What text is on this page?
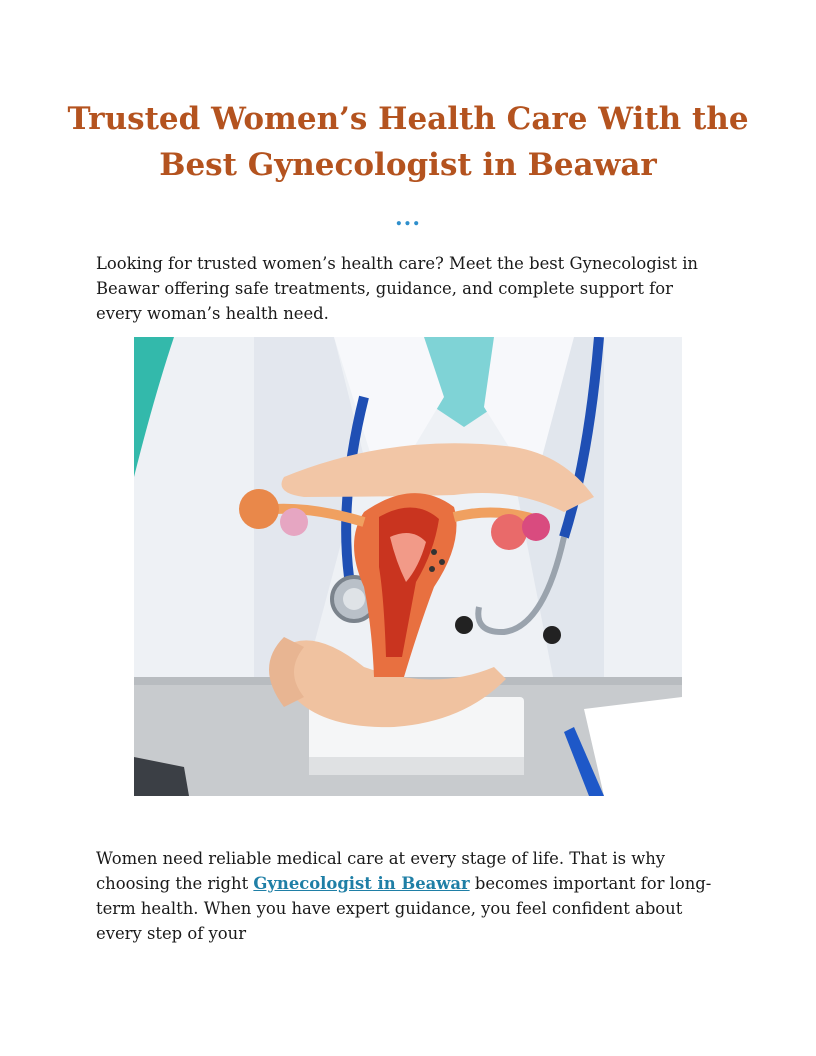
Trusted Women’s Health Care With the Best Gynecologist in Beawar
...

Looking for trusted women’s health care? Meet the best Gynecologist in Beawar offering safe treatments, guidance, and complete support for every woman’s health need.

Women need reliable medical care at every stage of life. That is why choosing the right Gynecologist in Beawar becomes important for long-term health. When you have expert guidance, you feel confident about every step of your
